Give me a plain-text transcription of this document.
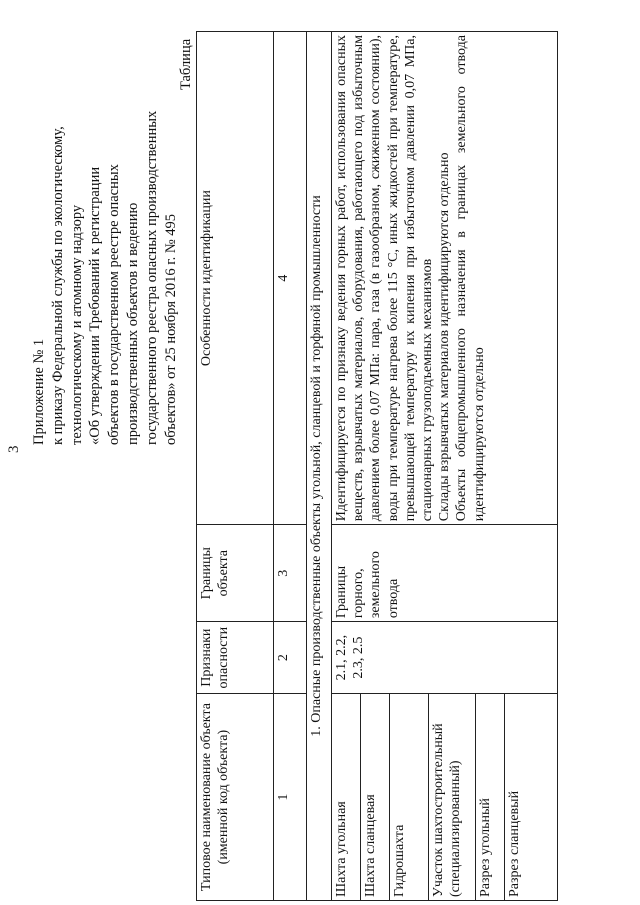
3
Приложение № 1 к приказу Федеральной службы по экологическому, технологическому и атомному надзору «Об утверждении Требований к регистрации объектов в государственном реестре опасных производственных объектов и ведению государственного реестра опасных производственных объектов» от 25 ноября 2016 г. № 495
Таблица
Типовое наименование объекта (именной код объекта)	Признаки опасности	Границы объекта	Особенности идентификации
1	2	3	4
1. Опасные производственные объекты угольной, сланцевой и торфяной промышленности			
Шахта угольная	2.1, 2.2, 2.3, 2.5	Границы горного, земельного отвода	Идентифицируется по признаку ведения горных работ, использования опасных веществ, взрывчатых материалов, оборудования, работающего под избыточным давлением более 0,07 МПа: пара, газа (в газообразном, сжиженном состоянии), воды при температуре нагрева более 115 °С, иных жидкостей при температуре, превышающей температуру их кипения при избыточном давлении 0,07 МПа, стационарных грузоподъемных механизмов Склады взрывчатых материалов идентифицируются отдельно Объекты общепромышленного назначения в границах земельного отвода идентифицируются отдельно

Шахта сланцевая			
Гидрошахта			
Участок шахтостроительный (специализированный)			
Разрез угольный			
Разрез сланцевый			
